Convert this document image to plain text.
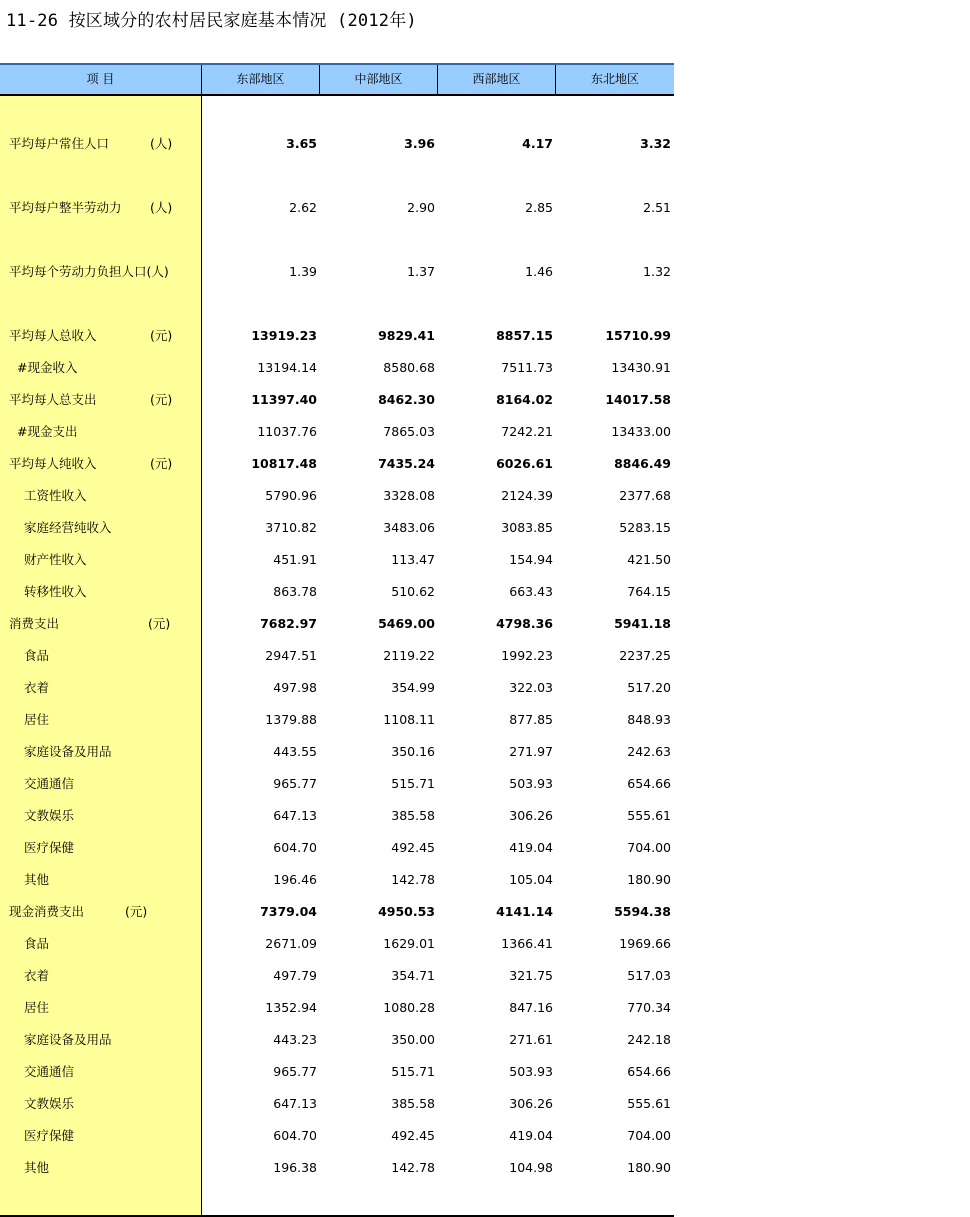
11-26 按区域分的农村居民家庭基本情况 (2012年)
项 目	东部地区	中部地区	西部地区	东北地区
平均每户常住人口	(人)	3.65	3.96	4.17	3.32
平均每户整半劳动力 (人)	2.62	2.90	2.85	2.51
平均每个劳动力负担人口(人)	1.39	1.37	1.46	1.32
平均每人总收入	(元)	13919.23	9829.41	8857.15	15710.99
#现金收入	13194.14	8580.68	7511.73	13430.91
平均每人总支出	(元)	11397.40	8462.30	8164.02	14017.58
#现金支出	11037.76	7865.03	7242.21	13433.00
平均每人纯收入	(元)	10817.48	7435.24	6026.61	8846.49
工资性收入	5790.96	3328.08	2124.39	2377.68
家庭经营纯收入	3710.82	3483.06	3083.85	5283.15
财产性收入	451.91	113.47	154.94	421.50
转移性收入	863.78	510.62	663.43	764.15
消费支出	(元)	7682.97	5469.00	4798.36	5941.18
食品	2947.51	2119.22	1992.23	2237.25
衣着	497.98	354.99	322.03	517.20
居住	1379.88	1108.11	877.85	848.93
家庭设备及用品	443.55	350.16	271.97	242.63
交通通信	965.77	515.71	503.93	654.66
文教娱乐	647.13	385.58	306.26	555.61
医疗保健	604.70	492.45	419.04	704.00
其他	196.46	142.78	105.04	180.90
现金消费支出	(元)	7379.04	4950.53	4141.14	5594.38
食品	2671.09	1629.01	1366.41	1969.66
衣着	497.79	354.71	321.75	517.03
居住	1352.94	1080.28	847.16	770.34
家庭设备及用品	443.23	350.00	271.61	242.18
交通通信	965.77	515.71	503.93	654.66
文教娱乐	647.13	385.58	306.26	555.61
医疗保健	604.70	492.45	419.04	704.00
其他	196.38	142.78	104.98	180.90
